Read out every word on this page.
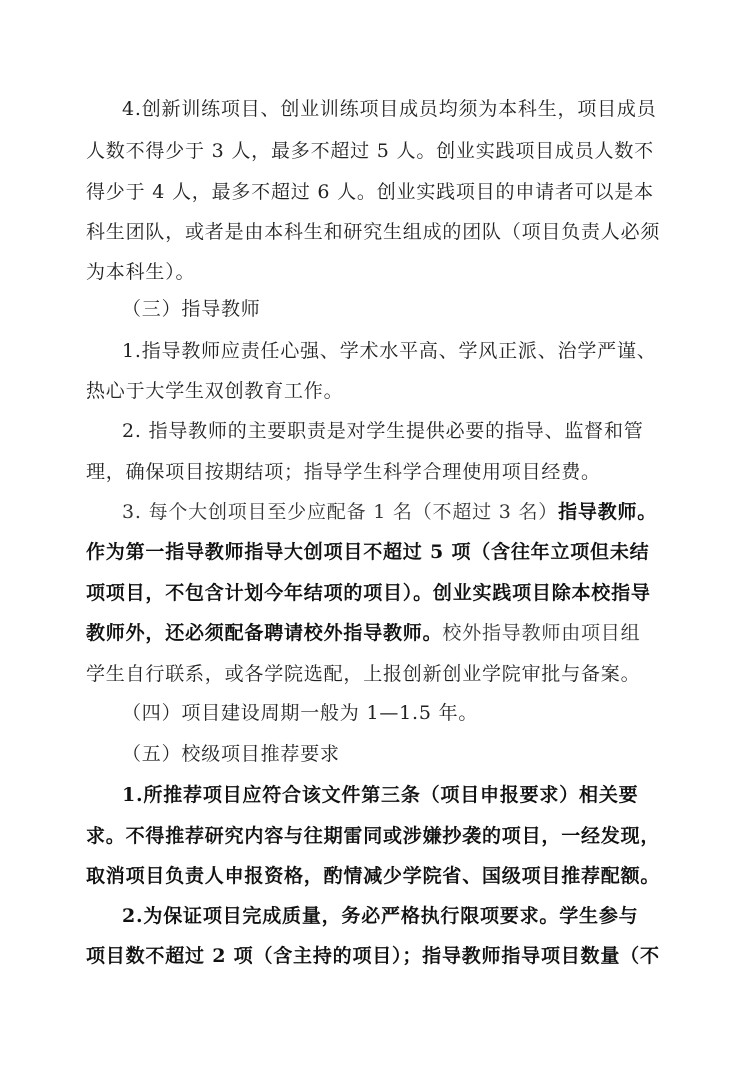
4.创新训练项目、创业训练项目成员均须为本科生，项目成员
人数不得少于 3 人，最多不超过 5 人。创业实践项目成员人数不
得少于 4 人，最多不超过 6 人。创业实践项目的申请者可以是本
科生团队，或者是由本科生和研究生组成的团队（项目负责人必须
为本科生）。
（三）指导教师
1.指导教师应责任心强、学术水平高、学风正派、治学严谨、
热心于大学生双创教育工作。
2. 指导教师的主要职责是对学生提供必要的指导、监督和管
理，确保项目按期结项；指导学生科学合理使用项目经费。
3. 每个大创项目至少应配备 1 名（不超过 3 名）指导教师。
作为第一指导教师指导大创项目不超过 5 项（含往年立项但未结
项项目，不包含计划今年结项的项目）。创业实践项目除本校指导
教师外，还必须配备聘请校外指导教师。校外指导教师由项目组
学生自行联系，或各学院选配，上报创新创业学院审批与备案。
（四）项目建设周期一般为 1—1.5 年。
（五）校级项目推荐要求
1.所推荐项目应符合该文件第三条（项目申报要求）相关要
求。不得推荐研究内容与往期雷同或涉嫌抄袭的项目，一经发现，
取消项目负责人申报资格，酌情减少学院省、国级项目推荐配额。
2.为保证项目完成质量，务必严格执行限项要求。学生参与
项目数不超过 2 项（含主持的项目）；指导教师指导项目数量（不
